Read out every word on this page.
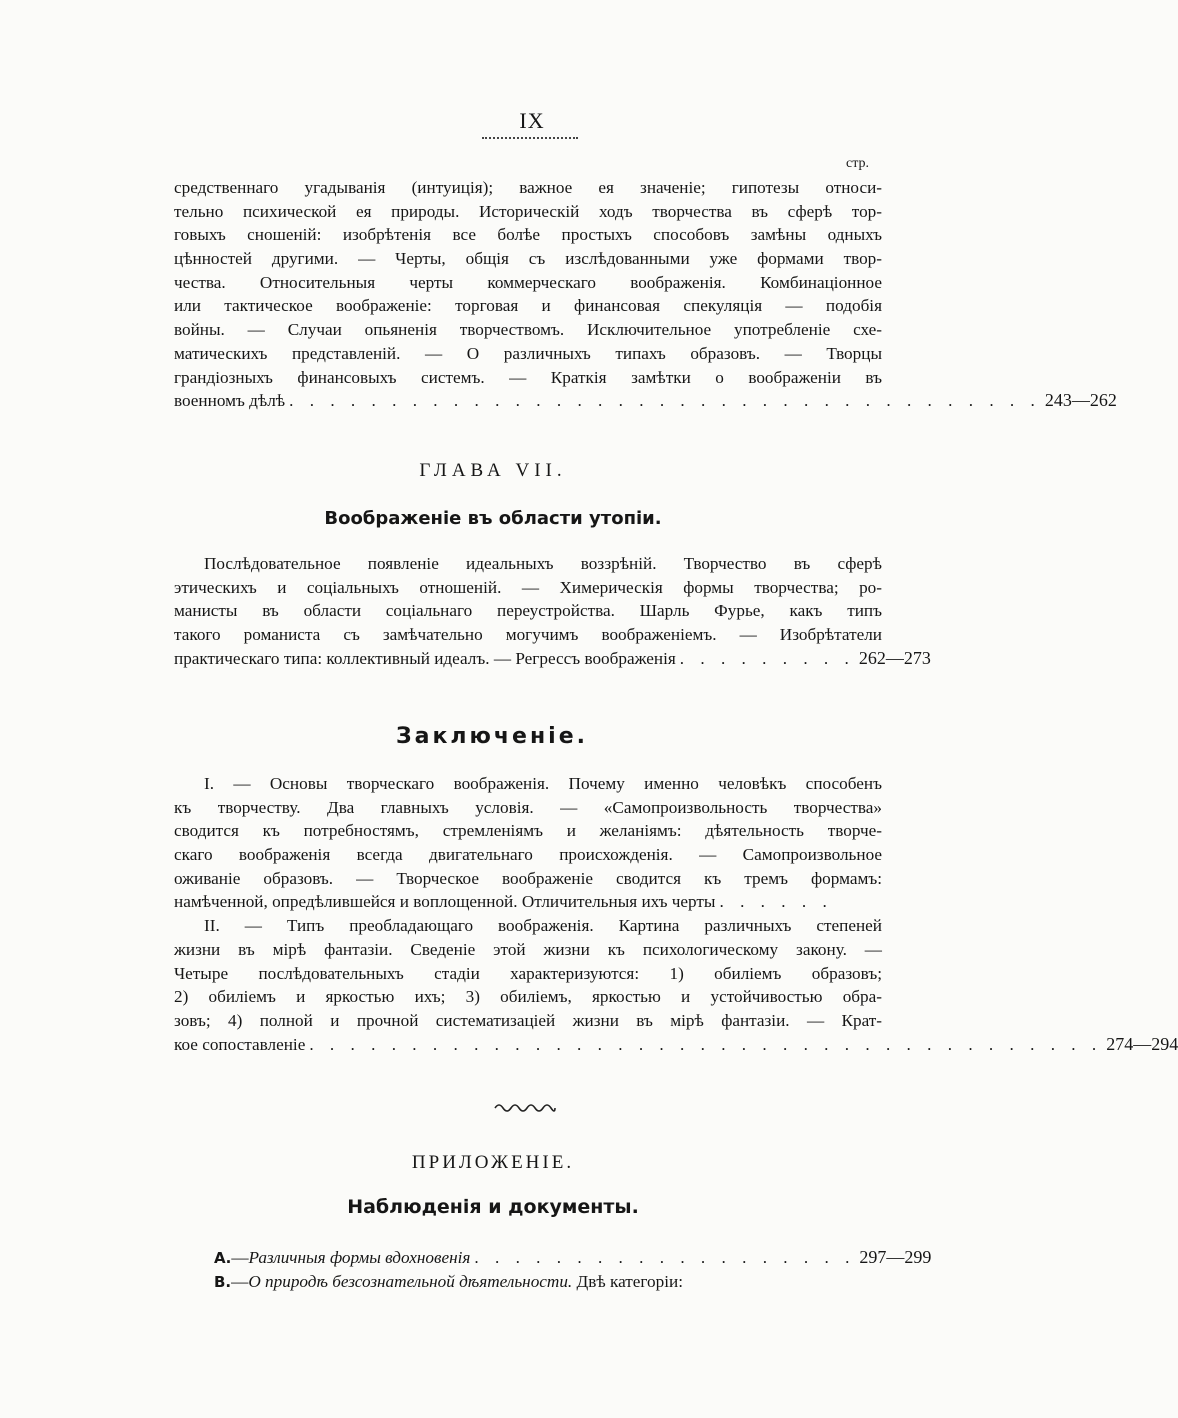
IX
стр.
средственнаго угадыванія (интуиція); важное ея значеніе; гипотезы относи-
тельно психической ея природы. Историческій ходъ творчества въ сферѣ тор-
говыхъ сношеній: изобрѣтенія все болѣе простыхъ способовъ замѣны одныхъ
цѣнностей другими. — Черты, общія съ изслѣдованными уже формами твор-
чества. Относительныя черты коммерческаго воображенія. Комбинаціонное
или тактическое воображеніе: торговая и финансовая спекуляція — подобія
войны. — Случаи опьяненія творчествомъ. Исключительное употребленіе схе-
матическихъ представленій. — О различныхъ типахъ образовъ. — Творцы
грандіозныхъ финансовыхъ системъ. — Краткія замѣтки о воображеніи въ
военномъ дѣлѣ . . . . . . . . . . . . . . . . . . . . . . . . . . . . . . . . . . . . . 243—262
ГЛАВА VII.
Воображеніе въ области утопіи.
Послѣдовательное появленіе идеальныхъ воззрѣній. Творчество въ сферѣ
этическихъ и соціальныхъ отношеній. — Химерическія формы творчества; ро-
манисты въ области соціальнаго переустройства. Шарль Фурье, какъ типъ
такого романиста съ замѣчательно могучимъ воображеніемъ. — Изобрѣтатели
практическаго типа: коллективный идеалъ. — Регрессъ воображенія . . . . . . . . . 262—273
Заключеніе.
I. — Основы творческаго воображенія. Почему именно человѣкъ способенъ
къ творчеству. Два главныхъ условія. — «Самопроизвольность творчества»
сводится къ потребностямъ, стремленіямъ и желаніямъ: дѣятельность творче-
скаго воображенія всегда двигательнаго происхожденія. — Самопроизвольное
оживаніе образовъ. — Творческое воображеніе сводится къ тремъ формамъ:
намѣченной, опредѣлившейся и воплощенной. Отличительныя ихъ черты . . . . . .
II. — Типъ преобладающаго воображенія. Картина различныхъ степеней
жизни въ мірѣ фантазіи. Сведеніе этой жизни къ психологическому закону. —
Четыре послѣдовательныхъ стадіи характеризуются: 1) обиліемъ образовъ;
2) обиліемъ и яркостью ихъ; 3) обиліемъ, яркостью и устойчивостью обра-
зовъ; 4) полной и прочной систематизаціей жизни въ мірѣ фантазіи. — Крат-
кое сопоставленіе . . . . . . . . . . . . . . . . . . . . . . . . . . . . . . . . . . . . . . . 274—294
ПРИЛОЖЕНІЕ.
Наблюденія и документы.
А.—Различныя формы вдохновенія . . . . . . . . . . . . . . . . . . . 297—299
В.—О природѣ безсознательной дѣятельности. Двѣ категоріи:
